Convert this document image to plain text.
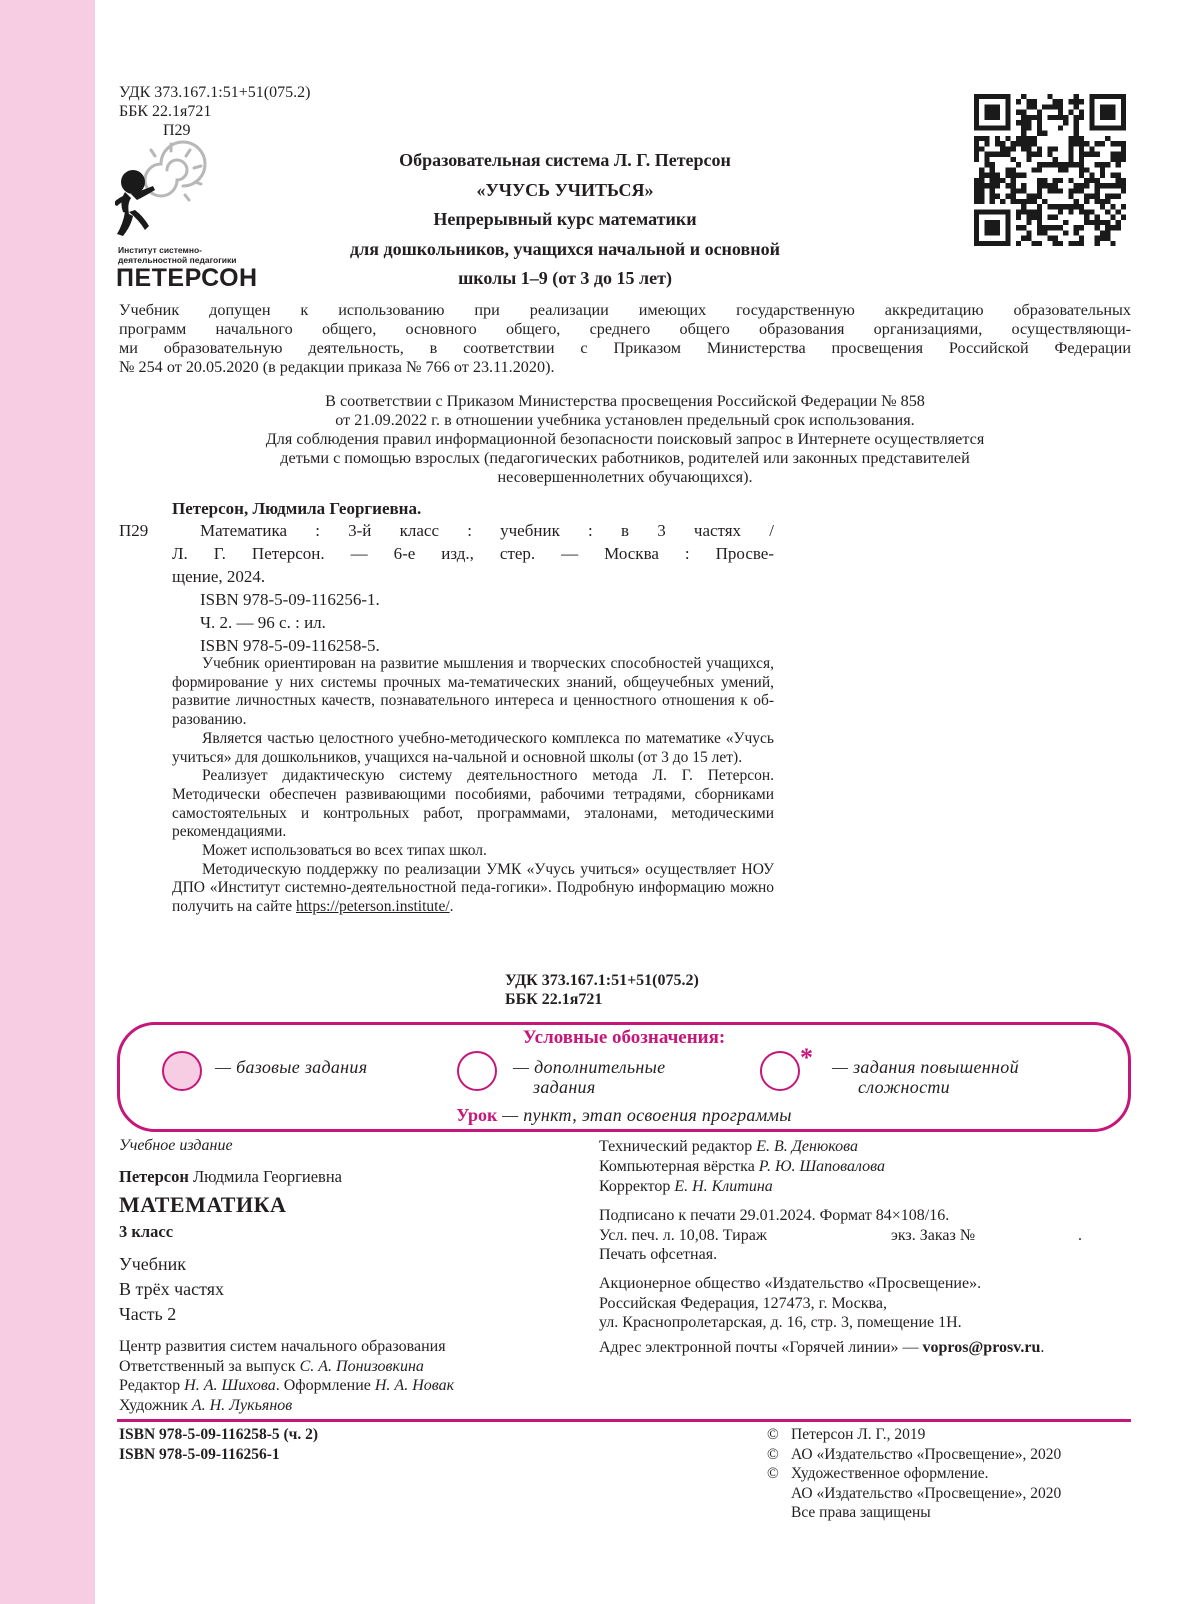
УДК 373.167.1:51+51(075.2)
ББК 22.1я721
П29
Институт системно-
деятельностной педагогики
ПЕТЕРСОН
Образовательная система Л. Г. Петерсон
«УЧУСЬ УЧИТЬСЯ»
Непрерывный курс математики
для дошкольников, учащихся начальной и основной
школы 1–9 (от 3 до 15 лет)
Учебник допущен к использованию при реализации имеющих государственную аккредитацию образовательных
программ начального общего, основного общего, среднего общего образования организациями, осуществляющи-
ми образовательную деятельность, в соответствии с Приказом Министерства просвещения Российской Федерации
№ 254 от 20.05.2020 (в редакции приказа № 766 от 23.11.2020).
В соответствии с Приказом Министерства просвещения Российской Федерации № 858
от 21.09.2022 г. в отношении учебника установлен предельный срок использования.
Для соблюдения правил информационной безопасности поисковый запрос в Интернете осуществляется
детьми с помощью взрослых (педагогических работников, родителей или законных представителей
несовершеннолетних обучающихся).
Петерсон, Людмила Георгиевна.
П29	Математика : 3-й класс : учебник : в 3 частях /
Л. Г. Петерсон. — 6-е изд., стер. — Москва : Просве-
щение, 2024.
ISBN 978-5-09-116256-1.
Ч. 2. — 96 с. : ил.
ISBN 978-5-09-116258-5.

Учебник ориентирован на развитие мышления и творческих способностей учащихся, формирование у них системы прочных ма-тематических знаний, общеучебных умений, развитие личностных качеств, познавательного интереса и ценностного отношения к об-разованию.

Является частью целостного учебно-методического комплекса по математике «Учусь учиться» для дошкольников, учащихся на-чальной и основной школы (от 3 до 15 лет).

Реализует дидактическую систему деятельностного метода Л. Г. Петерсон. Методически обеспечен развивающими пособиями, рабочими тетрадями, сборниками самостоятельных и контрольных работ, программами, эталонами, методическими рекомендациями.

Может использоваться во всех типах школ.

Методическую поддержку по реализации УМК «Учусь учиться» осуществляет НОУ ДПО «Институт системно-деятельностной педа-гогики». Подробную информацию можно получить на сайте https://peterson.institute/.

УДК 373.167.1:51+51(075.2)
ББК 22.1я721
Условные обозначения:
— базовые задания	— дополнительные
задания
* — задания повышенной
сложности
Урок — пункт, этап освоения программы
Учебное издание
Петерсон Людмила Георгиевна
МАТЕМАТИКА
3 класс
Учебник
В трёх частях
Часть 2
Центр развития систем начального образования
Ответственный за выпуск С. А. Понизовкина
Редактор Н. А. Шихова. Оформление Н. А. Новак
Художник А. Н. Лукьянов
Технический редактор Е. В. Денюкова
Компьютерная вёрстка Р. Ю. Шаповалова
Корректор Е. Н. Клитина
Подписано к печати 29.01.2024. Формат 84×108/16.
Усл. печ. л. 10,08. Тираж	экз. Заказ №	.
Печать офсетная.
Акционерное общество «Издательство «Просвещение».
Российская Федерация, 127473, г. Москва,
ул. Краснопролетарская, д. 16, стр. 3, помещение 1Н.
Адрес электронной почты «Горячей линии» — vopros@prosv.ru.
ISBN 978-5-09-116258-5 (ч. 2)
ISBN 978-5-09-116256-1
© Петерсон Л. Г., 2019
© АО «Издательство «Просвещение», 2020
© Художественное оформление.
АО «Издательство «Просвещение», 2020
Все права защищены
